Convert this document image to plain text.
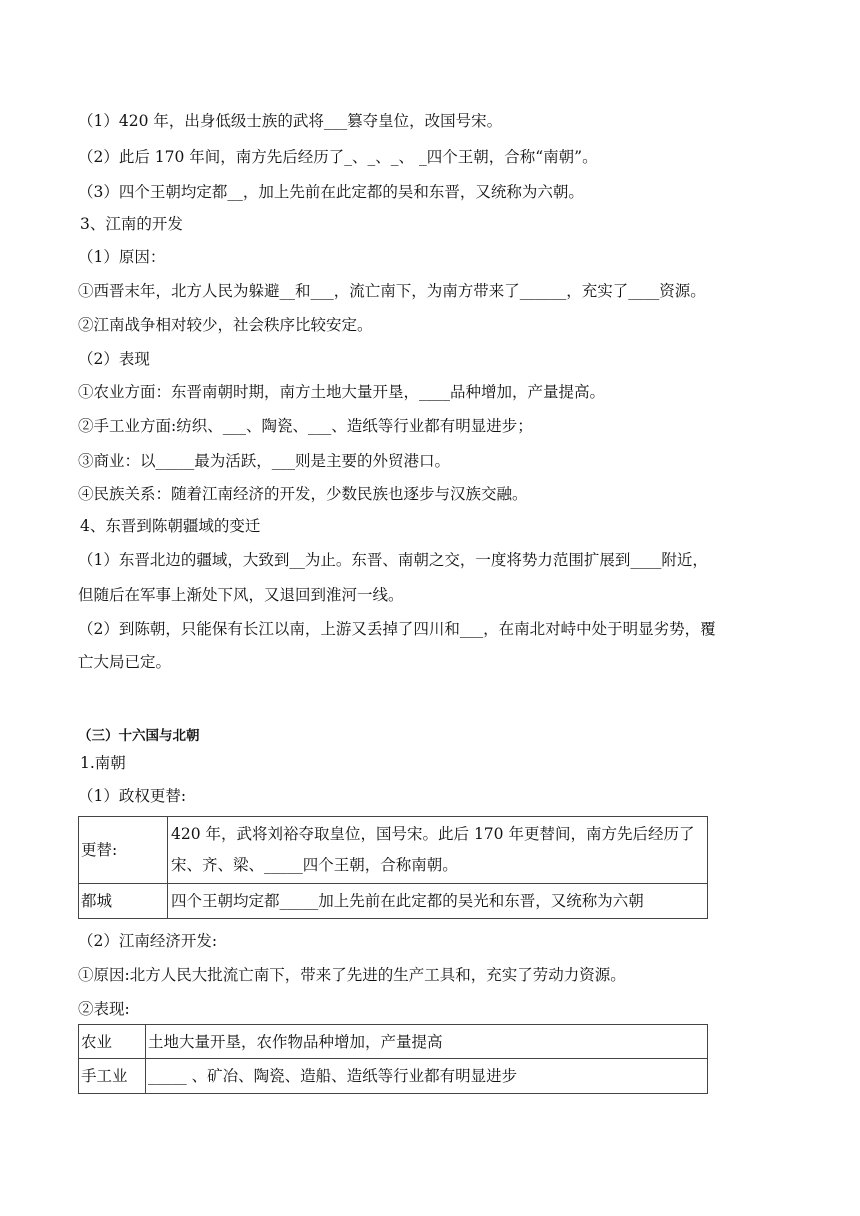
（1）420 年，出身低级士族的武将___篡夺皇位，改国号宋。
（2）此后 170 年间，南方先后经历了_、_、_、 _四个王朝，合称“南朝”。
（3）四个王朝均定都__，加上先前在此定都的吴和东晋，又统称为六朝。
3、江南的开发
（1）原因：
①西晋末年，北方人民为躲避__和___，流亡南下，为南方带来了______，充实了____资源。
②江南战争相对较少，社会秩序比较安定。
（2）表现
①农业方面：东晋南朝时期，南方土地大量开垦，____品种增加，产量提高。
②手工业方面:纺织、___、陶瓷、___、造纸等行业都有明显进步；
③商业：以_____最为活跃，___则是主要的外贸港口。
④民族关系：随着江南经济的开发，少数民族也逐步与汉族交融。
4、东晋到陈朝疆域的变迁
（1）东晋北边的疆域，大致到__为止。东晋、南朝之交，一度将势力范围扩展到____附近，
但随后在军事上渐处下风，又退回到淮河一线。
（2）到陈朝，只能保有长江以南，上游又丢掉了四川和___，在南北对峙中处于明显劣势，覆
亡大局已定。
（三）十六国与北朝
1.南朝
（1）政权更替:
更替:	420 年，武将刘裕夺取皇位，国号宋。此后 170 年更替间，南方先后经历了宋、齐、梁、_____四个王朝，合称南朝。
都城	四个王朝均定都_____加上先前在此定都的吴光和东晋，又统称为六朝
（2）江南经济开发:
①原因:北方人民大批流亡南下，带来了先进的生产工具和，充实了劳动力资源。
②表现:
农业	土地大量开垦，农作物品种增加，产量提高
手工业	_____ 、矿冶、陶瓷、造船、造纸等行业都有明显进步
